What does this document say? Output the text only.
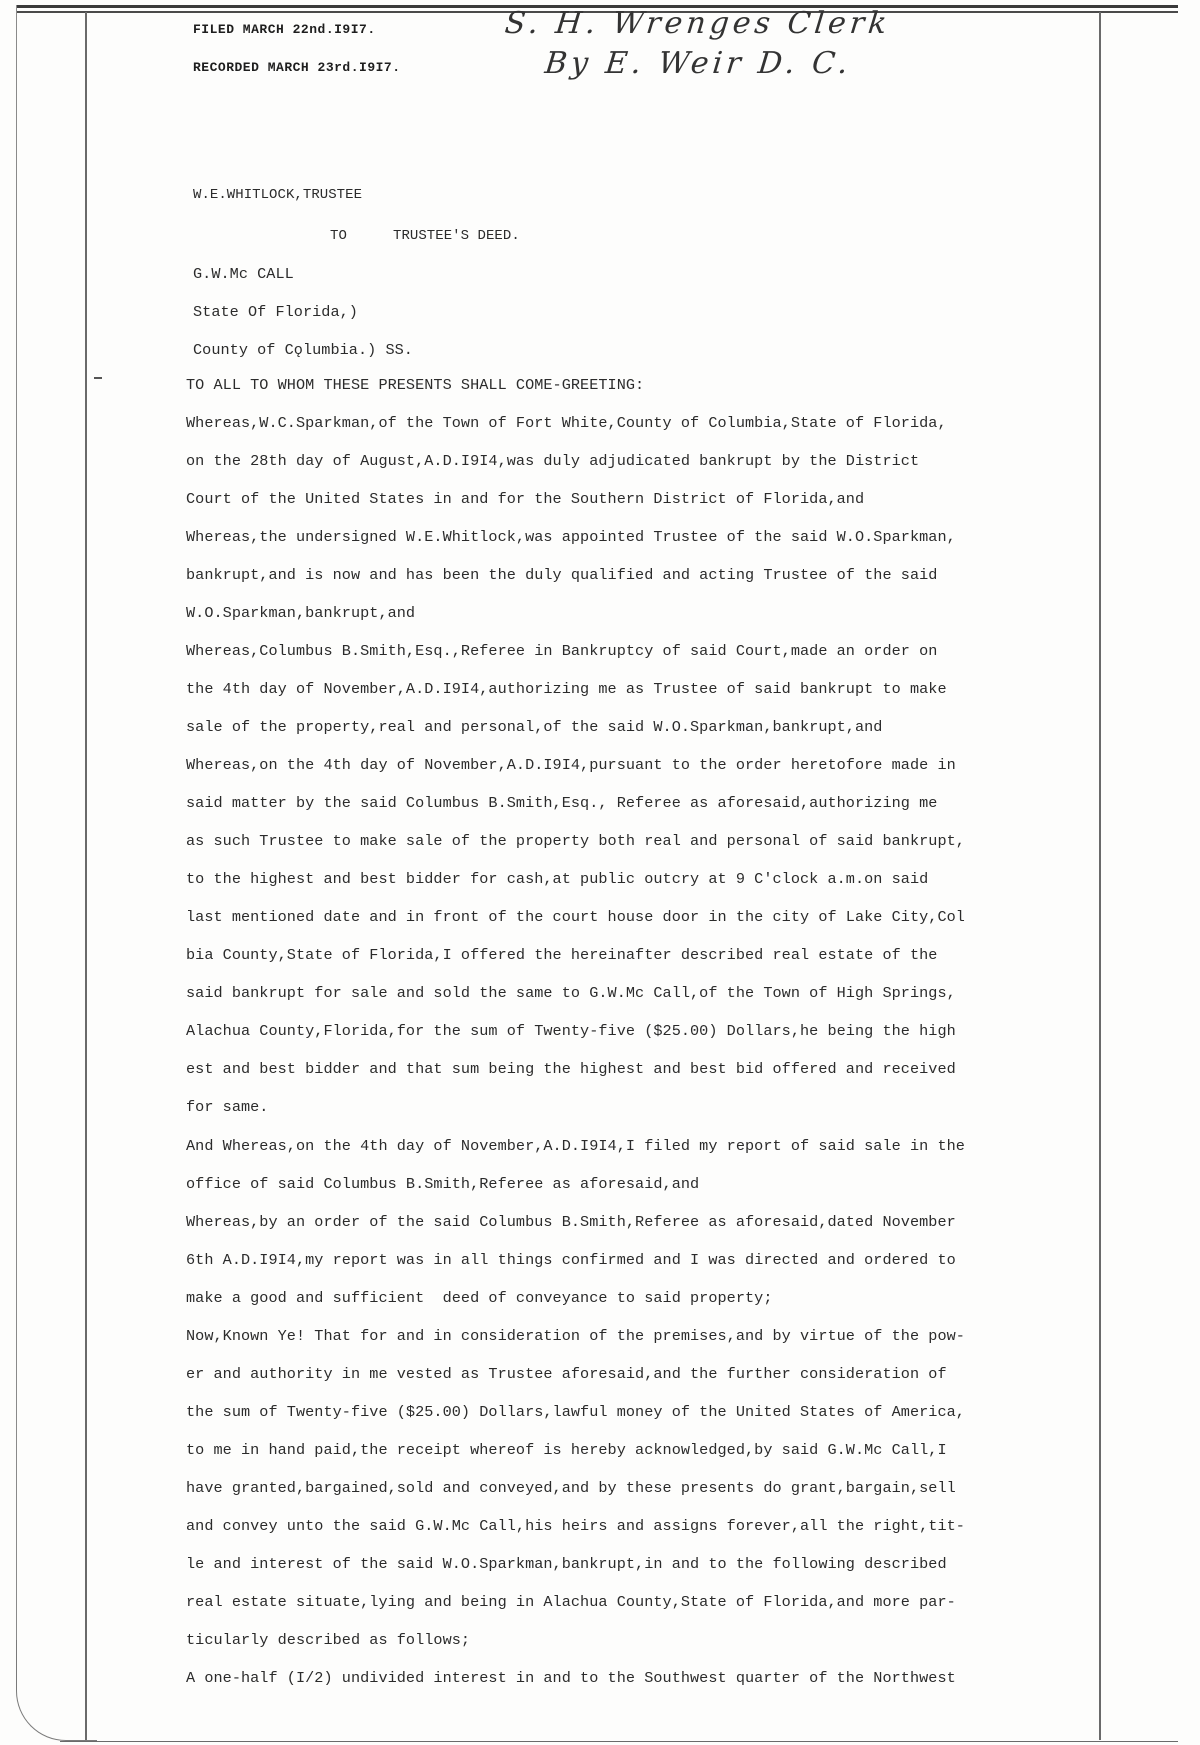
FILED MARCH 22nd.I9I7.
RECORDED MARCH 23rd.I9I7.
S. H. Wrenges Clerk
By E. Weir D. C.
W.E.WHITLOCK,TRUSTEE
TO	TRUSTEE'S DEED.
G.W.Mc CALL
State Of Florida,)
County of Cǫlumbia.) SS.
TO ALL TO WHOM THESE PRESENTS SHALL COME-GREETING:
Whereas,W.C.Sparkman,of the Town of Fort White,County of Columbia,State of Florida,
on the 28th day of August,A.D.I9I4,was duly adjudicated bankrupt by the District
Court of the United States in and for the Southern District of Florida,and
Whereas,the undersigned W.E.Whitlock,was appointed Trustee of the said W.O.Sparkman,
bankrupt,and is now and has been the duly qualified and acting Trustee of the said
W.O.Sparkman,bankrupt,and
Whereas,Columbus B.Smith,Esq.,Referee in Bankruptcy of said Court,made an order on
the 4th day of November,A.D.I9I4,authorizing me as Trustee of said bankrupt to make
sale of the property,real and personal,of the said W.O.Sparkman,bankrupt,and
Whereas,on the 4th day of November,A.D.I9I4,pursuant to the order heretofore made in
said matter by the said Columbus B.Smith,Esq., Referee as aforesaid,authorizing me
as such Trustee to make sale of the property both real and personal of said bankrupt,
to the highest and best bidder for cash,at public outcry at 9 C'clock a.m.on said
last mentioned date and in front of the court house door in the city of Lake City,Col
bia County,State of Florida,I offered the hereinafter described real estate of the
said bankrupt for sale and sold the same to G.W.Mc Call,of the Town of High Springs,
Alachua County,Florida,for the sum of Twenty-five ($25.00) Dollars,he being the high
est and best bidder and that sum being the highest and best bid offered and received
for same.
And Whereas,on the 4th day of November,A.D.I9I4,I filed my report of said sale in the
office of said Columbus B.Smith,Referee as aforesaid,and
Whereas,by an order of the said Columbus B.Smith,Referee as aforesaid,dated November
6th A.D.I9I4,my report was in all things confirmed and I was directed and ordered to
make a good and sufficient  deed of conveyance to said property;
Now,Known Ye! That for and in consideration of the premises,and by virtue of the pow-
er and authority in me vested as Trustee aforesaid,and the further consideration of
the sum of Twenty-five ($25.00) Dollars,lawful money of the United States of America,
to me in hand paid,the receipt whereof is hereby acknowledged,by said G.W.Mc Call,I
have granted,bargained,sold and conveyed,and by these presents do grant,bargain,sell
and convey unto the said G.W.Mc Call,his heirs and assigns forever,all the right,tit-
le and interest of the said W.O.Sparkman,bankrupt,in and to the following described
real estate situate,lying and being in Alachua County,State of Florida,and more par-
ticularly described as follows;
A one-half (I/2) undivided interest in and to the Southwest quarter of the Northwest
